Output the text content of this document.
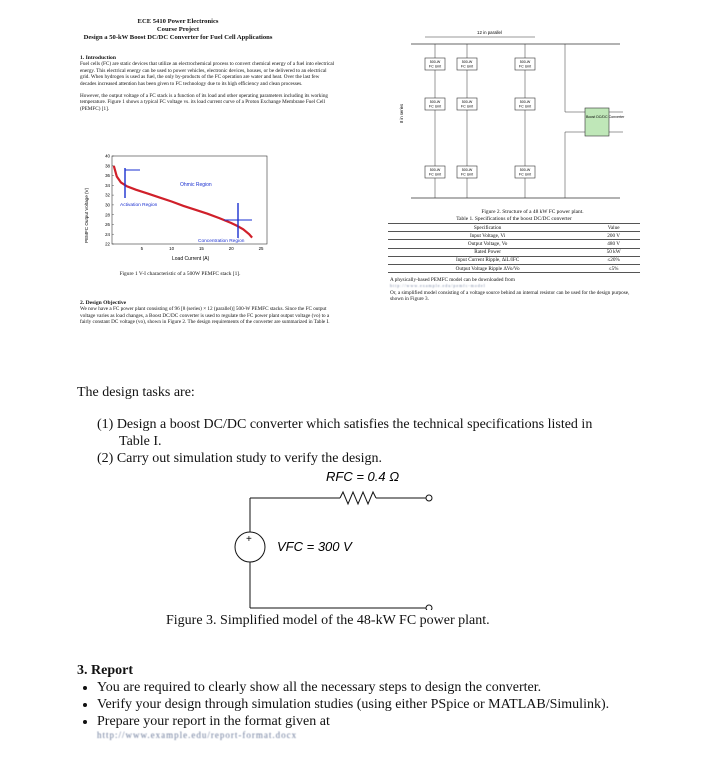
ECE 5410 Power Electronics
Course Project
Design a 50-kW Boost DC/DC Converter for Fuel Cell Applications
1. Introduction
Fuel cells (FC) are static devices that utilize an electrochemical process to convert chemical energy of a fuel into electrical energy. This electrical energy can be used to power vehicles, electronic devices, houses, or be delivered to an electrical grid. When hydrogen is used as fuel, the only by-products of the FC operation are water and heat. Over the last few decades increased attention has been given to FC technology due to its high efficiency and clean processes.
However, the output voltage of a FC stack is a function of its load and other operating parameters including its working temperature. Figure 1 shows a typical FC voltage vs. its load current curve of a Proton Exchange Membrane Fuel Cell (PEMFC) [1].
22
24
26
28
30
32
34
36
38
40
5	10	15	20	25
Ohmic Region
Activation Region
Concentration Region
PEMFC Output Voltage (V)
Load Current (A)
Figure 1 V-I characteristic of a 500W PEMFC stack [1].
2. Design Objective
We now have a FC power plant consisting of 96 [8 (series) × 12 (parallel)] 500-W PEMFC stacks. Since the FC output voltage varies as load changes, a Boost DC/DC converter is used to regulate the FC power plant output voltage (vo) to a fairly constant DC voltage (vo), shown in Figure 2. The design requirements of the converter are summarized in Table I.
12 in parallel
8 in series
500-W
FC Unit
500-W
FC Unit
500-W
FC Unit
500-W
FC Unit
500-W
FC Unit
500-W
FC Unit
500-W
FC Unit
500-W
FC Unit
500-W
FC Unit
Boost DC/DC Converter
Figure 2. Structure of a 48 kW FC power plant.
Table 1. Specifications of the boost DC/DC converter
Specification	Value
Input Voltage, Vi	200 V
Output Voltage, Vo	480 V
Rated Power	50 kW
Input Current Ripple, ΔiL/IFC	≤20%
Output Voltage Ripple ΔVo/Vo	≤5%
A physically-based PEMFC model can be downloaded from
http://www.example.edu/pemfc-model
Or, a simplified model consisting of a voltage source behind an internal resistor can be used for the design purpose, shown in Figure 3.
The design tasks are:
(1) Design a boost DC/DC converter which satisfies the technical specifications listed in Table I.
(2) Carry out simulation study to verify the design.
RFC = 0.4 Ω
+ VFC = 300 V
Figure 3. Simplified model of the 48-kW FC power plant.
3. Report
• You are required to clearly show all the necessary steps to design the converter.
• Verify your design through simulation studies (using either PSpice or MATLAB/Simulink).
• Prepare your report in the format given at
http://www.example.edu/report-format.docx
